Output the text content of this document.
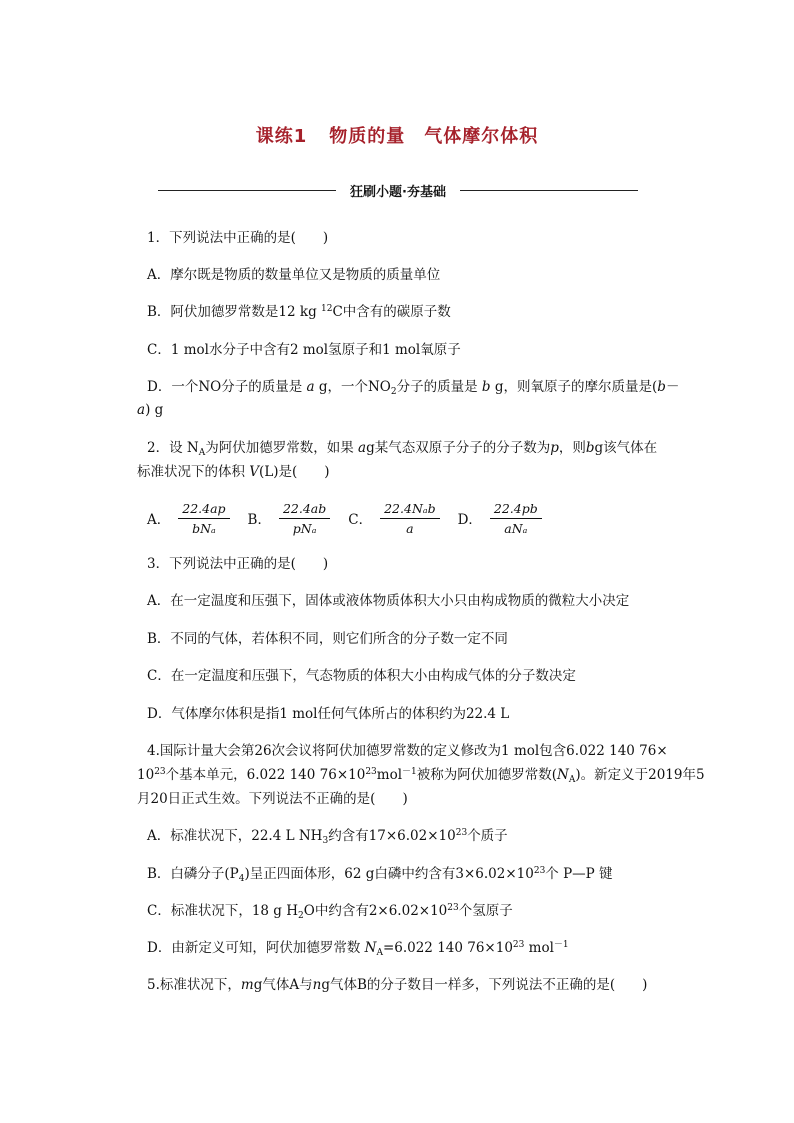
课练1 物质的量　气体摩尔体积
狂刷小题·夯基础
1．下列说法中正确的是(　　)
A．摩尔既是物质的数量单位又是物质的质量单位
B．阿伏加德罗常数是12 kg $^{12}$C中含有的碳原子数
C．1 mol水分子中含有2 mol氢原子和1 mol氧原子
D．一个NO分子的质量是 a g，一个$NO_2$分子的质量是 b g，则氧原子的摩尔质量是(b－
a) g
2．设 $N_A$为阿伏加德罗常数，如果 ag某气态双原子分子的分子数为p，则bg该气体在
标准状况下的体积 V(L)是(　　)
A． $\frac{22.4ap}{\text{bNₐ}}$ B． $\frac{22.4ab}{\text{pNₐ}}$ C． $\frac{\text{22.4Nₐb}}{a}$ D． $\frac{22.4pb}{\text{aNₐ}}$
3．下列说法中正确的是(　　)
A．在一定温度和压强下，固体或液体物质体积大小只由构成物质的微粒大小决定
B．不同的气体，若体积不同，则它们所含的分子数一定不同
C．在一定温度和压强下，气态物质的体积大小由构成气体的分子数决定
D．气体摩尔体积是指1 mol任何气体所占的体积约为22.4 L
4.国际计量大会第26次会议将阿伏加德罗常数的定义修改为1 mol包含6.022 140 76×
$10^{23}$个基本单元，6.022 140 $76\times 10^{23}mol^{-1}$被称为阿伏加德罗常数$(N_A)$。新定义于2019年5
月20日正式生效。下列说法不正确的是(　　)
A．标准状况下，22.4 L $NH_3$约含有$17\times 6.02\times 10^{23}$个质子
B．白磷分子$(P_4)$呈正四面体形，62 g白磷中约含有$3\times 6.02\times 10^{23}$个 P—P 键
C．标准状况下，18 g $H_2O$中约含有$2\times 6.02\times 10^{23}$个氢原子
D．由新定义可知，阿伏加德罗常数 $N_A=6.022$ 140 $76\times 10^{23}$ mol$^{-1}$
5.标准状况下，mg气体A与ng气体B的分子数目一样多，下列说法不正确的是(　　)
